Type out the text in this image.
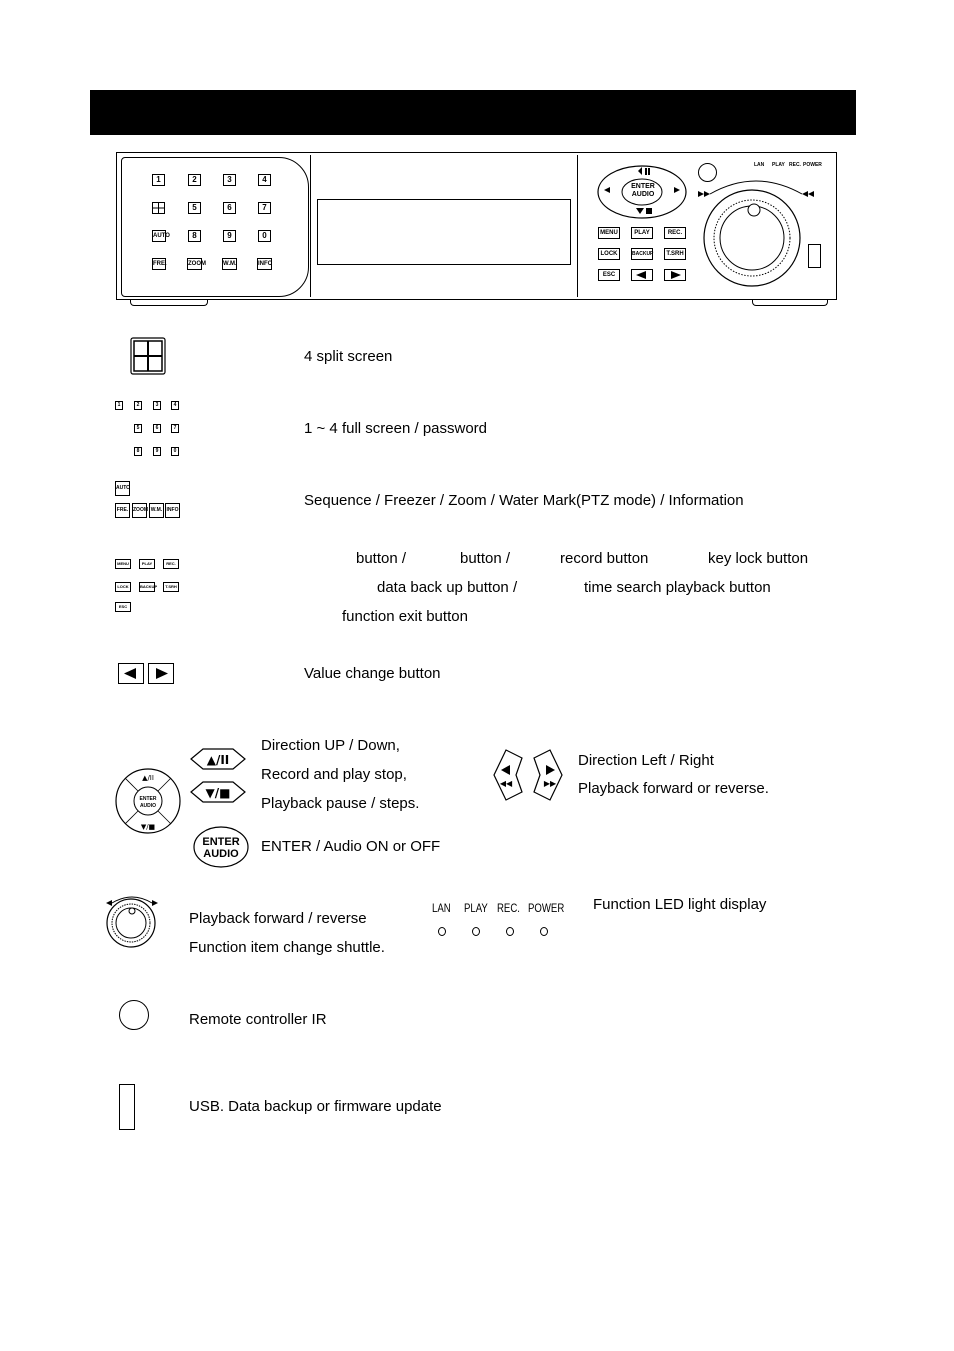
1	2	3	4
5	6	7
AUTO	8	9	0
FRE.	ZOOM	W.M.	INFO
ENTER
AUDIO
LAN PLAY REC. POWER
MENU	PLAY	REC.
LOCK	BACKUP	T.SRH
ESC
4 split screen
1	2	3	4
5	6	7
8	9	0
1 ~ 4 full screen / password
AUTO
FRE. ZOOM W.M. INFO
Sequence / Freezer / Zoom / Water Mark(PTZ mode) / Information
MENU	PLAY	REC.
LOCK	BACKUP	T.SRH
ESC
button /	button /	record button	key lock button
data back up button /	time search playback button
function exit button
Value change button
▲/II
▼/■
ENTER
AUDIO
▲/II
▼/■
ENTER
AUDIO
Direction UP / Down,
Record and play stop,
Playback pause / steps.
ENTER / Audio ON or OFF
◀◀	▶▶
Direction Left / Right
Playback forward or reverse.
Playback forward / reverse
Function item change shuttle.
LAN PLAY REC. POWER Function LED light display
Remote controller IR
USB. Data backup or firmware update
